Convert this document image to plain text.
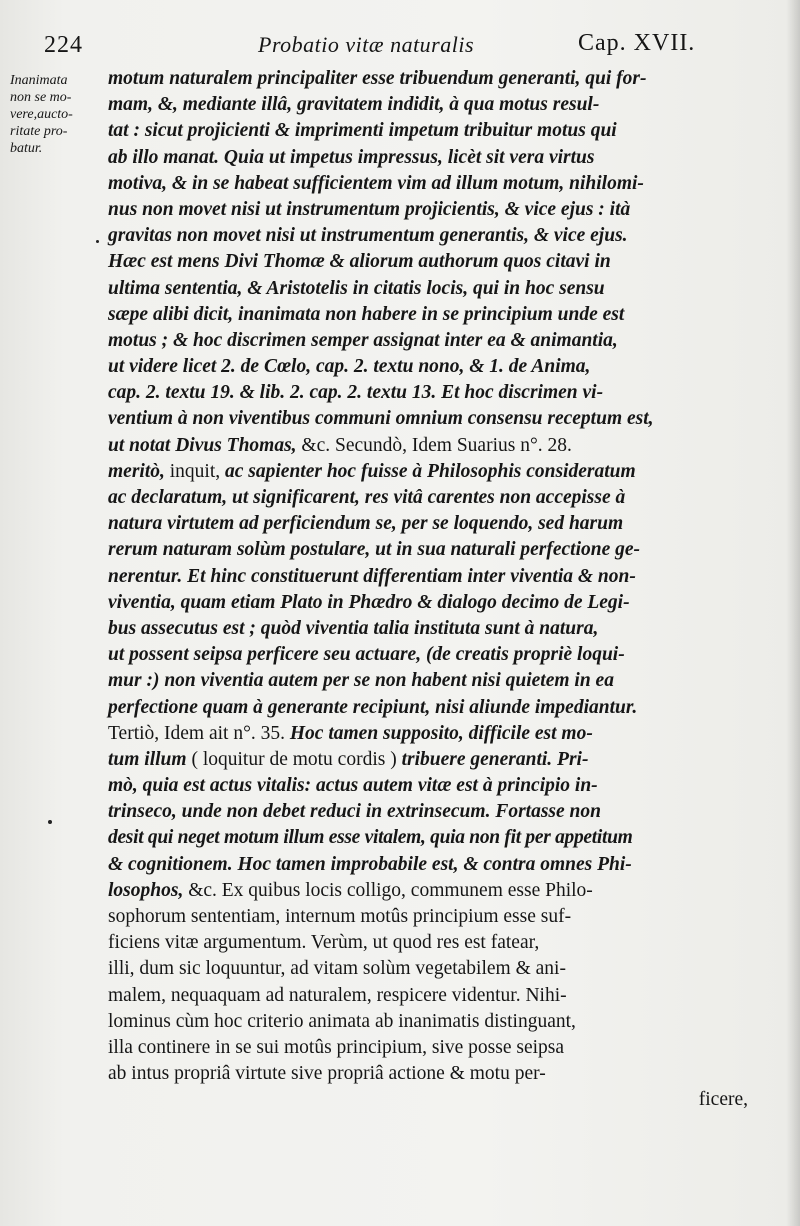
224	Probatio vitæ naturalis	Cap. XVII.
Inanimata
non se mo-
vere,aucto-
ritate pro-
batur.
motum naturalem principaliter esse tribuendum generanti, qui for-
mam, &, mediante illâ, gravitatem indidit, à qua motus resul-
tat : sicut projicienti & imprimenti impetum tribuitur motus qui
ab illo manat. Quia ut impetus impressus, licèt sit vera virtus
motiva, & in se habeat sufficientem vim ad illum motum, nihilomi-
nus non movet nisi ut instrumentum projicientis, & vice ejus : ità
gravitas non movet nisi ut instrumentum generantis, & vice ejus.
Hæc est mens Divi Thomæ & aliorum authorum quos citavi in
ultima sententia, & Aristotelis in citatis locis, qui in hoc sensu
sæpe alibi dicit, inanimata non habere in se principium unde est
motus ; & hoc discrimen semper assignat inter ea & animantia,
ut videre licet 2. de Cœlo, cap. 2. textu nono, & 1. de Anima,
cap. 2. textu 19. & lib. 2. cap. 2. textu 13. Et hoc discrimen vi-
ventium à non viventibus communi omnium consensu receptum est,
ut notat Divus Thomas, &c. Secundò, Idem Suarius n°. 28.
meritò, inquit, ac sapienter hoc fuisse à Philosophis consideratum
ac declaratum, ut significarent, res vitâ carentes non accepisse à
natura virtutem ad perficiendum se, per se loquendo, sed harum
rerum naturam solùm postulare, ut in sua naturali perfectione ge-
nerentur. Et hinc constituerunt differentiam inter viventia & non-
viventia, quam etiam Plato in Phædro & dialogo decimo de Legi-
bus assecutus est ; quòd viventia talia instituta sunt à natura,
ut possent seipsa perficere seu actuare, (de creatis propriè loqui-
mur :) non viventia autem per se non habent nisi quietem in ea
perfectione quam à generante recipiunt, nisi aliunde impediantur.
Tertiò, Idem ait n°. 35. Hoc tamen supposito, difficile est mo-
tum illum ( loquitur de motu cordis ) tribuere generanti. Pri-
mò, quia est actus vitalis: actus autem vitæ est à principio in-
trinseco, unde non debet reduci in extrinsecum. Fortasse non
desit qui neget motum illum esse vitalem, quia non fit per appetitum
& cognitionem. Hoc tamen improbabile est, & contra omnes Phi-
losophos, &c. Ex quibus locis colligo, communem esse Philo-
sophorum sententiam, internum motûs principium esse suf-
ficiens vitæ argumentum. Verùm, ut quod res est fatear,
illi, dum sic loquuntur, ad vitam solùm vegetabilem & ani-
malem, nequaquam ad naturalem, respicere videntur. Nihi-
lominus cùm hoc criterio animata ab inanimatis distinguant,
illa continere in se sui motûs principium, sive posse seipsa
ab intus propriâ virtute sive propriâ actione & motu per-
ficere,
